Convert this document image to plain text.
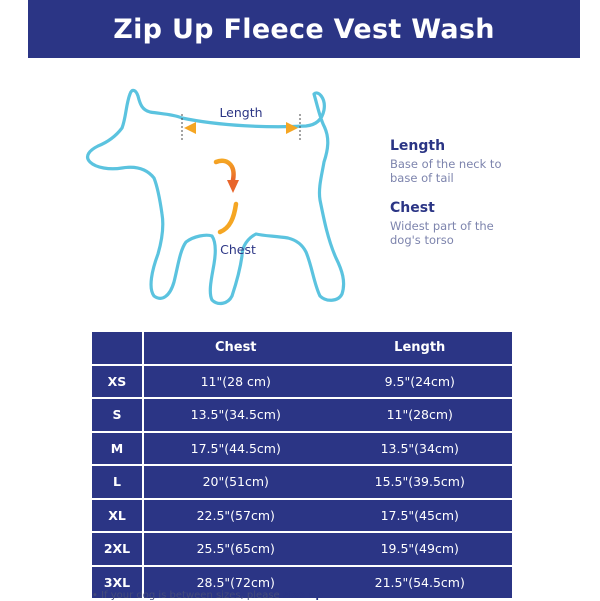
Zip Up Fleece Vest Wash
Length
Chest
Length
Base of the neck to base of tail
Chest
Widest part of the dog's torso
	Chest	Length
XS	11"(28 cm)	9.5"(24cm)
S	13.5"(34.5cm)	11"(28cm)
M	17.5"(44.5cm)	13.5"(34cm)
L	20"(51cm)	15.5"(39.5cm)
XL	22.5"(57cm)	17.5"(45cm)
2XL	25.5"(65cm)	19.5"(49cm)
3XL	28.5"(72cm)	21.5"(54.5cm)
• If your dog is between sizes, please size up
